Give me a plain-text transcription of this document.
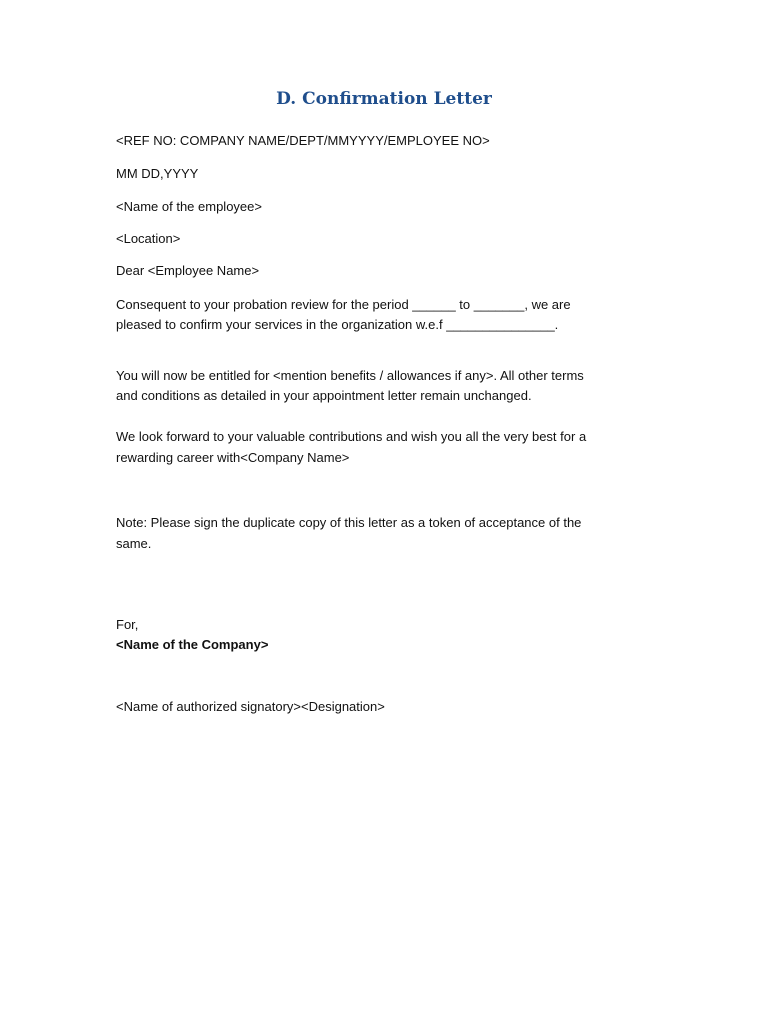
D. Confirmation Letter

<REF NO: COMPANY NAME/DEPT/MMYYYY/EMPLOYEE NO>

MM DD,YYYY

<Name of the employee>

<Location>

Dear <Employee Name>

Consequent to your probation review for the period ______ to _______, we are

pleased to confirm your services in the organization w.e.f _______________.

You will now be entitled for <mention benefits / allowances if any>. All other terms

and conditions as detailed in your appointment letter remain unchanged.

We look forward to your valuable contributions and wish you all the very best for a

rewarding career with<Company Name>

Note: Please sign the duplicate copy of this letter as a token of acceptance of the

same.

For,

<Name of the Company>

<Name of authorized signatory><Designation>
